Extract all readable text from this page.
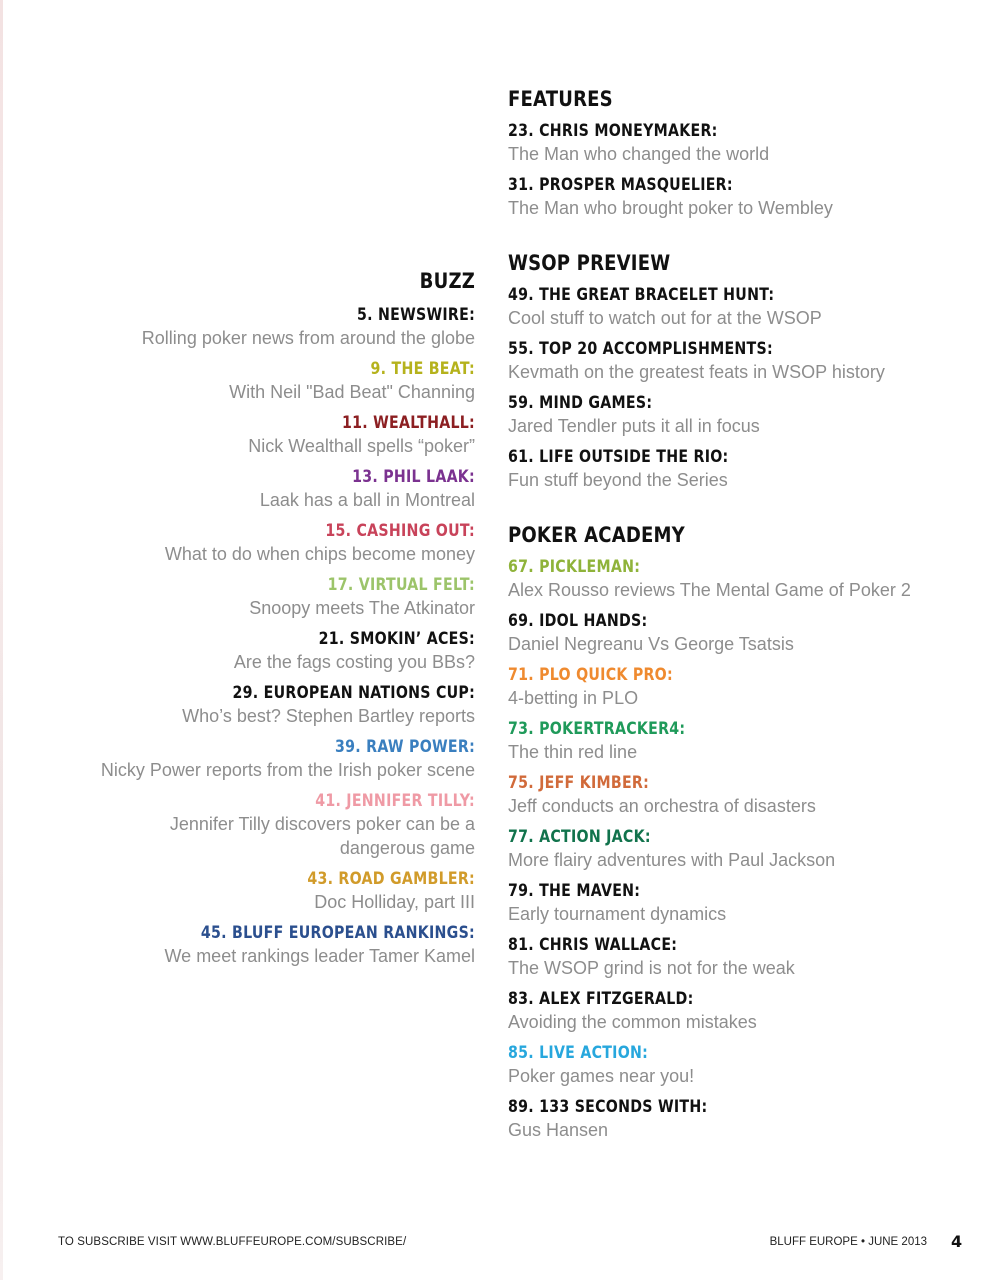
BUZZ
5. NEWSWIRE:
Rolling poker news from around the globe
9. THE BEAT:
With Neil "Bad Beat" Channing
11. WEALTHALL:
Nick Wealthall spells “poker”
13. PHIL LAAK:
Laak has a ball in Montreal
15. CASHING OUT:
What to do when chips become money
17. VIRTUAL FELT:
Snoopy meets The Atkinator
21. SMOKIN’ ACES:
Are the fags costing you BBs?
29. EUROPEAN NATIONS CUP:
Who’s best? Stephen Bartley reports
39. RAW POWER:
Nicky Power reports from the Irish poker scene
41. JENNIFER TILLY:
Jennifer Tilly discovers poker can be a dangerous game
43. ROAD GAMBLER:
Doc Holliday, part III
45. BLUFF EUROPEAN RANKINGS:
We meet rankings leader Tamer Kamel
FEATURES
23. CHRIS MONEYMAKER:
The Man who changed the world
31. PROSPER MASQUELIER:
The Man who brought poker to Wembley
WSOP PREVIEW
49. THE GREAT BRACELET HUNT:
Cool stuff to watch out for at the WSOP
55. TOP 20 ACCOMPLISHMENTS:
Kevmath on the greatest feats in WSOP history
59. MIND GAMES:
Jared Tendler puts it all in focus
61. LIFE OUTSIDE THE RIO:
Fun stuff beyond the Series
POKER ACADEMY
67. PICKLEMAN:
Alex Rousso reviews The Mental Game of Poker 2
69. IDOL HANDS:
Daniel Negreanu Vs George Tsatsis
71. PLO QUICK PRO:
4-betting in PLO
73. POKERTRACKER4:
The thin red line
75. JEFF KIMBER:
Jeff conducts an orchestra of disasters
77. ACTION JACK:
More flairy adventures with Paul Jackson
79. THE MAVEN:
Early tournament dynamics
81. CHRIS WALLACE:
The WSOP grind is not for the weak
83. ALEX FITZGERALD:
Avoiding the common mistakes
85. LIVE ACTION:
Poker games near you!
89. 133 SECONDS WITH:
Gus Hansen
TO SUBSCRIBE VISIT WWW.BLUFFEUROPE.COM/SUBSCRIBE/	BLUFF EUROPE • JUNE 2013 4
